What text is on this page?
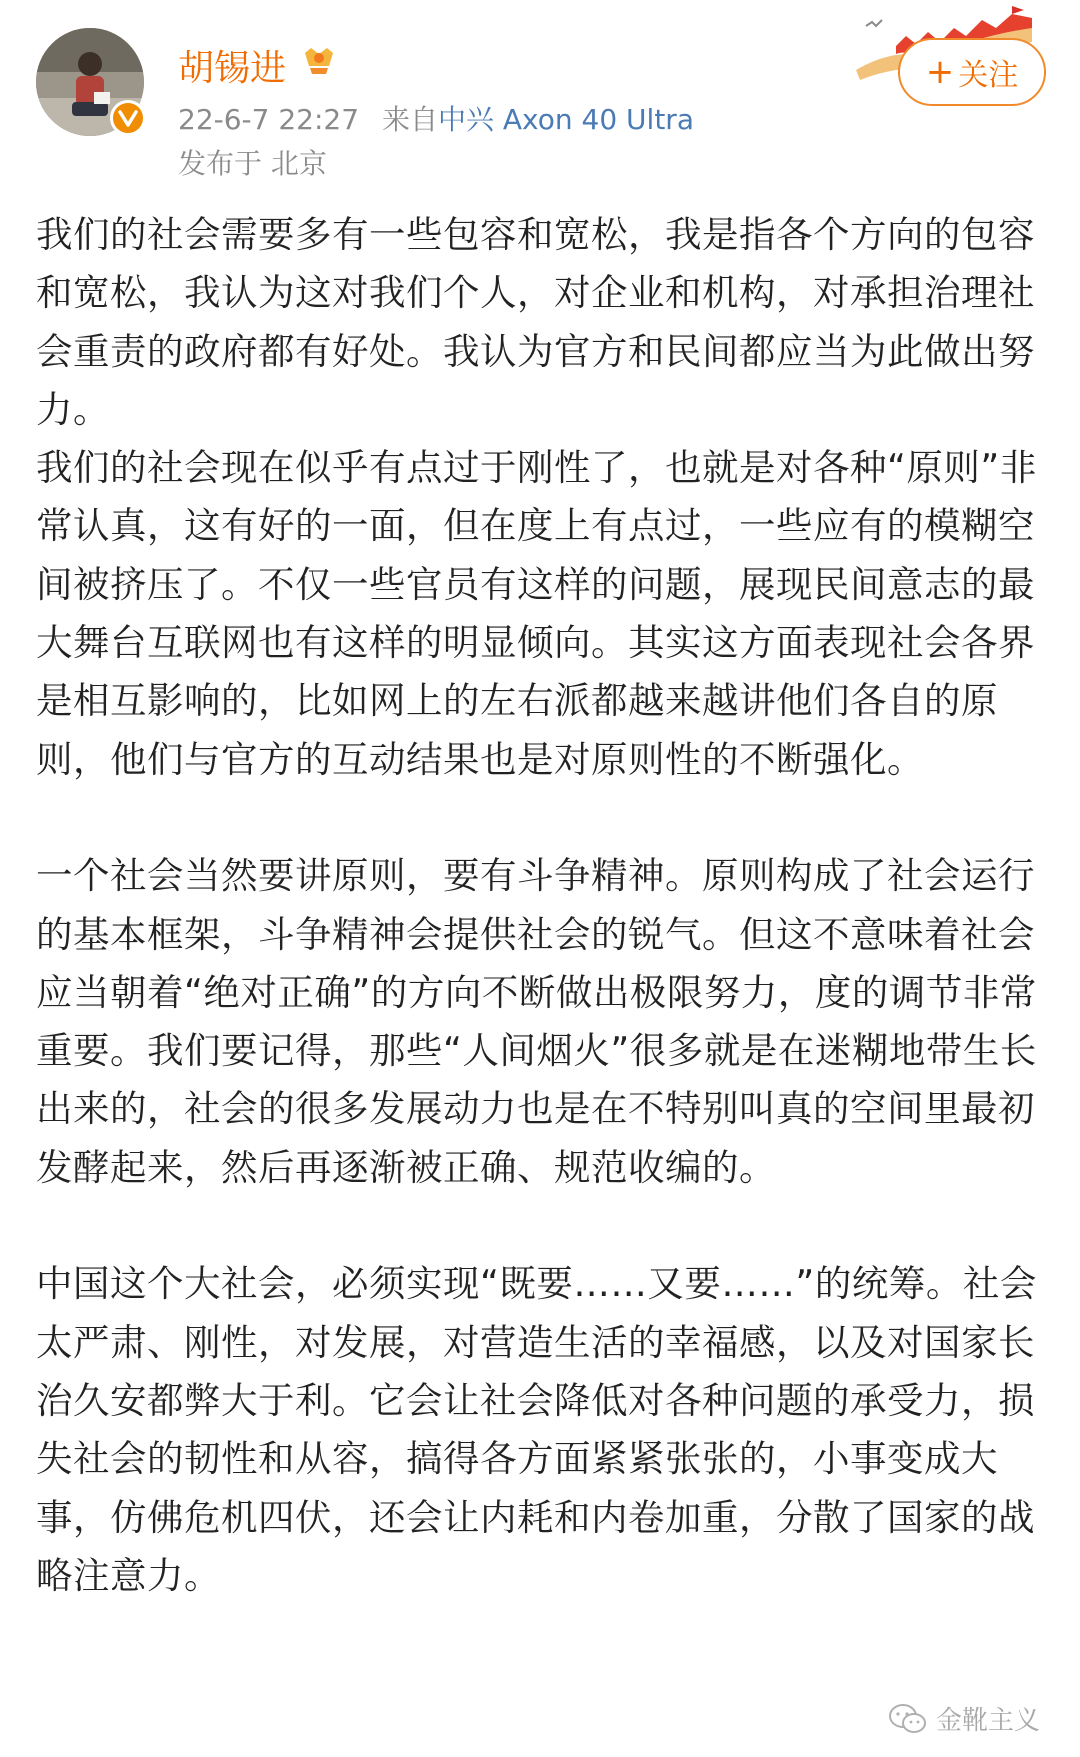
胡锡进
22-6-7 22:27 来自中兴 Axon 40 Ultra
发布于 北京
+ 关注

我们的社会需要多有一些包容和宽松，我是指各个方向的包容和宽松，我认为这对我们个人，对企业和机构，对承担治理社会重责的政府都有好处。我认为官方和民间都应当为此做出努力。

我们的社会现在似乎有点过于刚性了，也就是对各种“原则”非常认真，这有好的一面，但在度上有点过，一些应有的模糊空间被挤压了。不仅一些官员有这样的问题，展现民间意志的最大舞台互联网也有这样的明显倾向。其实这方面表现社会各界是相互影响的，比如网上的左右派都越来越讲他们各自的原则，他们与官方的互动结果也是对原则性的不断强化。

一个社会当然要讲原则，要有斗争精神。原则构成了社会运行的基本框架，斗争精神会提供社会的锐气。但这不意味着社会应当朝着“绝对正确”的方向不断做出极限努力，度的调节非常重要。我们要记得，那些“人间烟火”很多就是在迷糊地带生长出来的，社会的很多发展动力也是在不特别叫真的空间里最初发酵起来，然后再逐渐被正确、规范收编的。

中国这个大社会，必须实现“既要……又要……”的统筹。社会太严肃、刚性，对发展，对营造生活的幸福感，以及对国家长治久安都弊大于利。它会让社会降低对各种问题的承受力，损失社会的韧性和从容，搞得各方面紧紧张张的，小事变成大事，仿佛危机四伏，还会让内耗和内卷加重，分散了国家的战略注意力。

金靴主义
